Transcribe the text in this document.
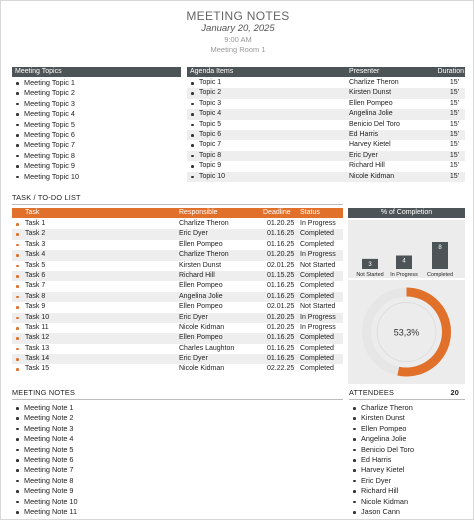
MEETING NOTES
January 20, 2025
9:00 AM
Meeting Room 1
Meeting Topics
Meeting Topic 1
Meeting Topic 2
Meeting Topic 3
Meeting Topic 4
Meeting Topic 5
Meeting Topic 6
Meeting Topic 7
Meeting Topic 8
Meeting Topic 9
Meeting Topic 10
Agenda Items	Presenter	Duration
Topic 1	Charlize Theron	15'
Topic 2	Kirsten Dunst	15'
Topic 3	Ellen Pompeo	15'
Topic 4	Angelina Jolie	15'
Topic 5	Benicio Del Toro	15'
Topic 6	Ed Harris	15'
Topic 7	Harvey Kietel	15'
Topic 8	Eric Dyer	15'
Topic 9	Richard Hill	15'
Topic 10	Nicole Kidman	15'
TASK / TO-DO LIST
Task	Responsible	Deadline Status
Task 1	Charlize Theron	01.20.25 In Progress
Task 2	Eric Dyer	01.16.25 Completed
Task 3	Ellen Pompeo	01.16.25 Completed
Task 4	Charlize Theron	01.20.25 In Progress
Task 5	Kirsten Dunst	02.01.25 Not Started
Task 6	Richard Hill	01.15.25 Completed
Task 7	Ellen Pompeo	01.16.25 Completed
Task 8	Angelina Jolie	01.16.25 Completed
Task 9	Ellen Pompeo	02.01.25 Not Started
Task 10	Eric Dyer	01.20.25 In Progress
Task 11	Nicole Kidman	01.20.25 In Progress
Task 12	Ellen Pompeo	01.16.25 Completed
Task 13	Charles Laughton	01.16.25 Completed
Task 14	Eric Dyer	01.16.25 Completed
Task 15	Nicole Kidman	02.22.25 Completed
% of Completion
3
Not Started
4
In Progress
8
Completed
53,3%
MEETING NOTES
Meeting Note 1
Meeting Note 2
Meeting Note 3
Meeting Note 4
Meeting Note 5
Meeting Note 6
Meeting Note 7
Meeting Note 8
Meeting Note 9
Meeting Note 10
Meeting Note 11
ATTENDEES	20
Charlize Theron
Kirsten Dunst
Ellen Pompeo
Angelina Jolie
Benicio Del Toro
Ed Harris
Harvey Kietel
Eric Dyer
Richard Hill
Nicole Kidman
Jason Cann
